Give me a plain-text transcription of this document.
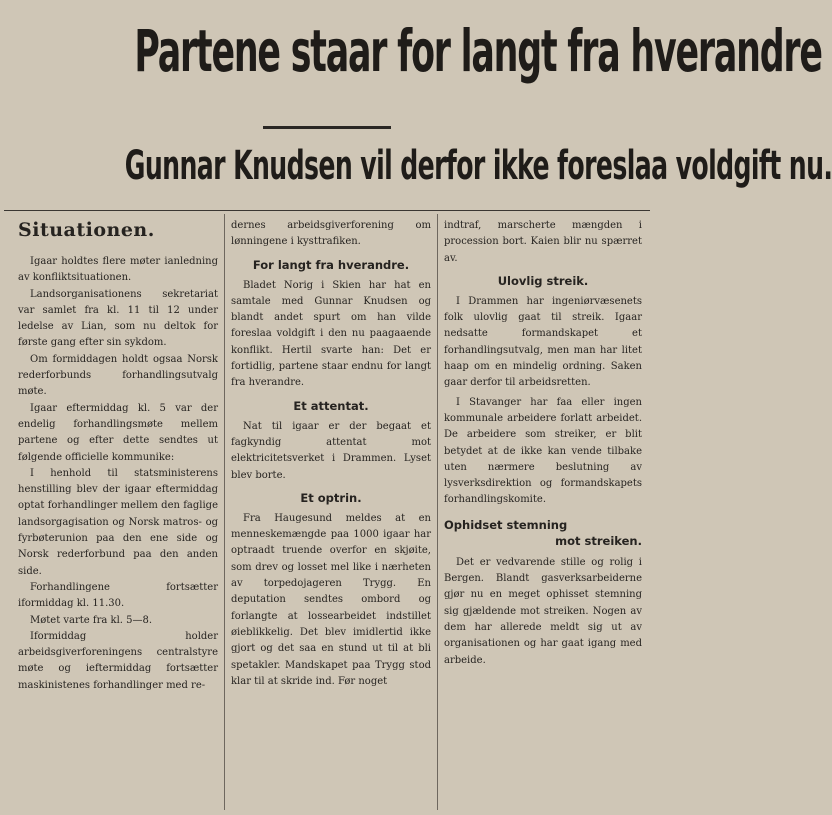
Partene staar for langt fra hverandre
Gunnar Knudsen vil derfor ikke foreslaa voldgift nu.
Situationen.

Igaar holdtes flere møter ianledning av konfliktsituationen.

Landsorganisationens sekretariat var samlet fra kl. 11 til 12 under ledelse av Lian, som nu deltok for første gang efter sin sykdom.

Om formiddagen holdt ogsaa Norsk rederforbunds forhandlingsutvalg møte.

Igaar eftermiddag kl. 5 var der endelig forhandlingsmøte mellem partene og efter dette sendtes ut følgende officielle kommunike:

I henhold til statsministerens henstilling blev der igaar eftermiddag optat forhandlinger mellem den faglige landsorgagisation og Norsk matros- og fyrbøterunion paa den ene side og Norsk rederforbund paa den anden side.

Forhandlingene fortsætter iformiddag kl. 11.30.

Møtet varte fra kl. 5—8.

Iformiddag holder arbeidsgiverforeningens centralstyre møte og ieftermiddag fortsætter maskinistenes forhandlinger med re-

dernes arbeidsgiverforening om lønningene i kysttrafiken.

For langt fra hverandre.

Bladet Norig i Skien har hat en samtale med Gunnar Knudsen og blandt andet spurt om han vilde foreslaa voldgift i den nu paagaaende konflikt. Hertil svarte han: Det er fortidlig, partene staar endnu for langt fra hverandre.

Et attentat.

Nat til igaar er der begaat et fagkyndig attentat mot elektricitetsverket i Drammen. Lyset blev borte.

Et optrin.

Fra Haugesund meldes at en menneskemængde paa 1000 igaar har optraadt truende overfor en skjøite, som drev og losset mel like i nærheten av torpedojageren Trygg. En deputation sendtes ombord og forlangte at lossearbeidet indstillet øieblikkelig. Det blev imidlertid ikke gjort og det saa en stund ut til at bli spetakler. Mandskapet paa Trygg stod klar til at skride ind. Før noget

indtraf, marscherte mængden i procession bort. Kaien blir nu spærret av.

Ulovlig streik.

I Drammen har ingeniørvæsenets folk ulovlig gaat til streik. Igaar nedsatte formandskapet et forhandlingsutvalg, men man har litet haap om en mindelig ordning. Saken gaar derfor til arbeidsretten.

I Stavanger har faa eller ingen kommunale arbeidere forlatt arbeidet. De arbeidere som streiker, er blit betydet at de ikke kan vende tilbake uten nærmere beslutning av lysverksdirektion og formandskapets forhandlingskomite.

Ophidset stemning
mot streiken.

Det er vedvarende stille og rolig i Bergen. Blandt gasverksarbeiderne gjør nu en meget ophisset stemning sig gjældende mot streiken. Nogen av dem har allerede meldt sig ut av organisationen og har gaat igang med arbeide.
